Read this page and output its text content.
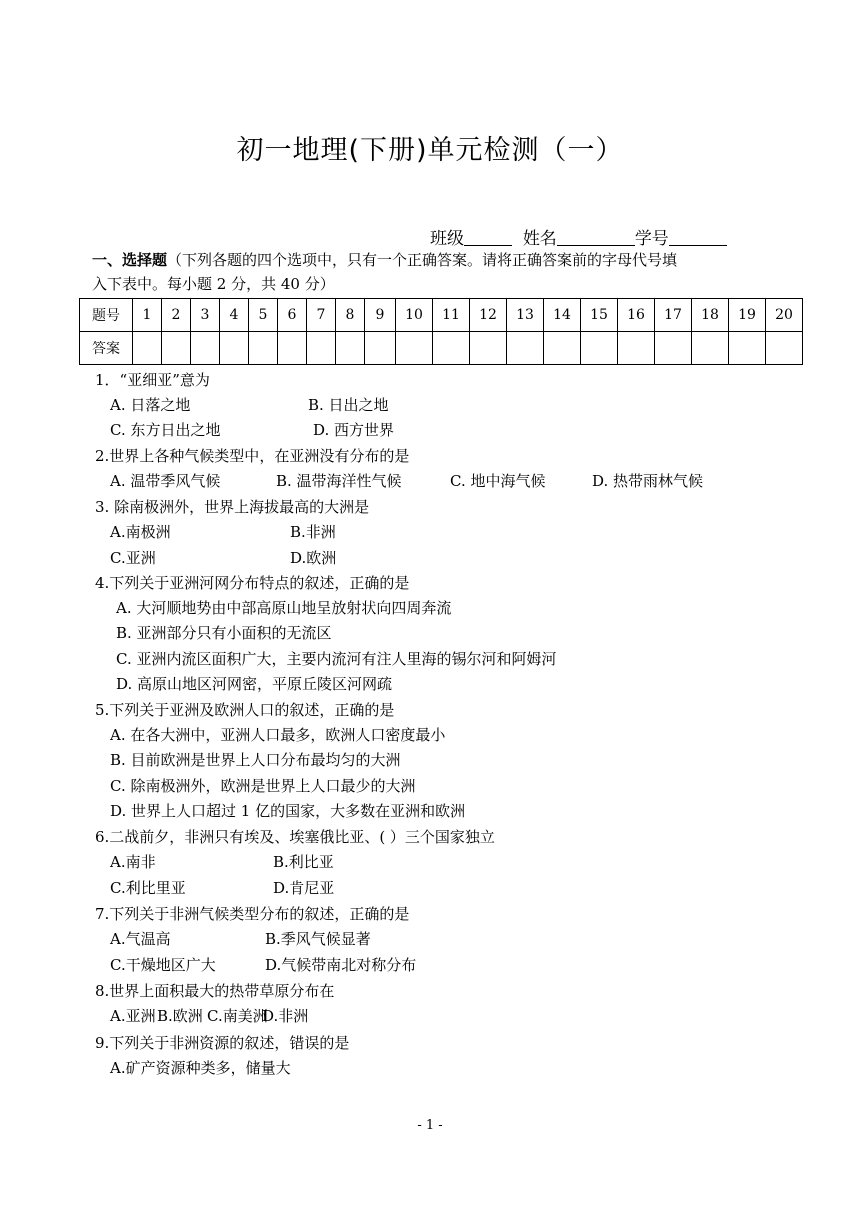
初一地理(下册)单元检测（一）
班级	姓名	学号
一、选择题（下列各题的四个选项中，只有一个正确答案。请将正确答案前的字母代号填
入下表中。每小题 2 分，共 40 分）
题号	1	2	3	4	5	6	7	8	9	10	11	12	13	14	15	16	17	18	19	20
答案																				
1．“亚细亚”意为
A. 日落之地	B. 日出之地
C. 东方日出之地	D. 西方世界
2.世界上各种气候类型中，在亚洲没有分布的是
A. 温带季风气候	B. 温带海洋性气候	C. 地中海气候	D. 热带雨林气候
3. 除南极洲外，世界上海拔最高的大洲是
A.南极洲	B.非洲
C.亚洲	D.欧洲
4.下列关于亚洲河网分布特点的叙述，正确的是
A. 大河顺地势由中部高原山地呈放射状向四周奔流
B. 亚洲部分只有小面积的无流区
C. 亚洲内流区面积广大，主要内流河有注人里海的锡尔河和阿姆河
D. 高原山地区河网密，平原丘陵区河网疏
5.下列关于亚洲及欧洲人口的叙述，正确的是
A. 在各大洲中，亚洲人口最多，欧洲人口密度最小
B. 目前欧洲是世界上人口分布最均匀的大洲
C. 除南极洲外，欧洲是世界上人口最少的大洲
D. 世界上人口超过 1 亿的国家，大多数在亚洲和欧洲
6.二战前夕，非洲只有埃及、埃塞俄比亚、( ）三个国家独立
A.南非	B.利比亚
C.利比里亚	D.肯尼亚
7.下列关于非洲气候类型分布的叙述，正确的是
A.气温高	B.季风气候显著
C.干燥地区广大	D.气候带南北对称分布
8.世界上面积最大的热带草原分布在
A.亚洲 B.欧洲 C.南美洲
D.非洲
9.下列关于非洲资源的叙述，错误的是
A.矿产资源种类多，储量大
- 1 -
